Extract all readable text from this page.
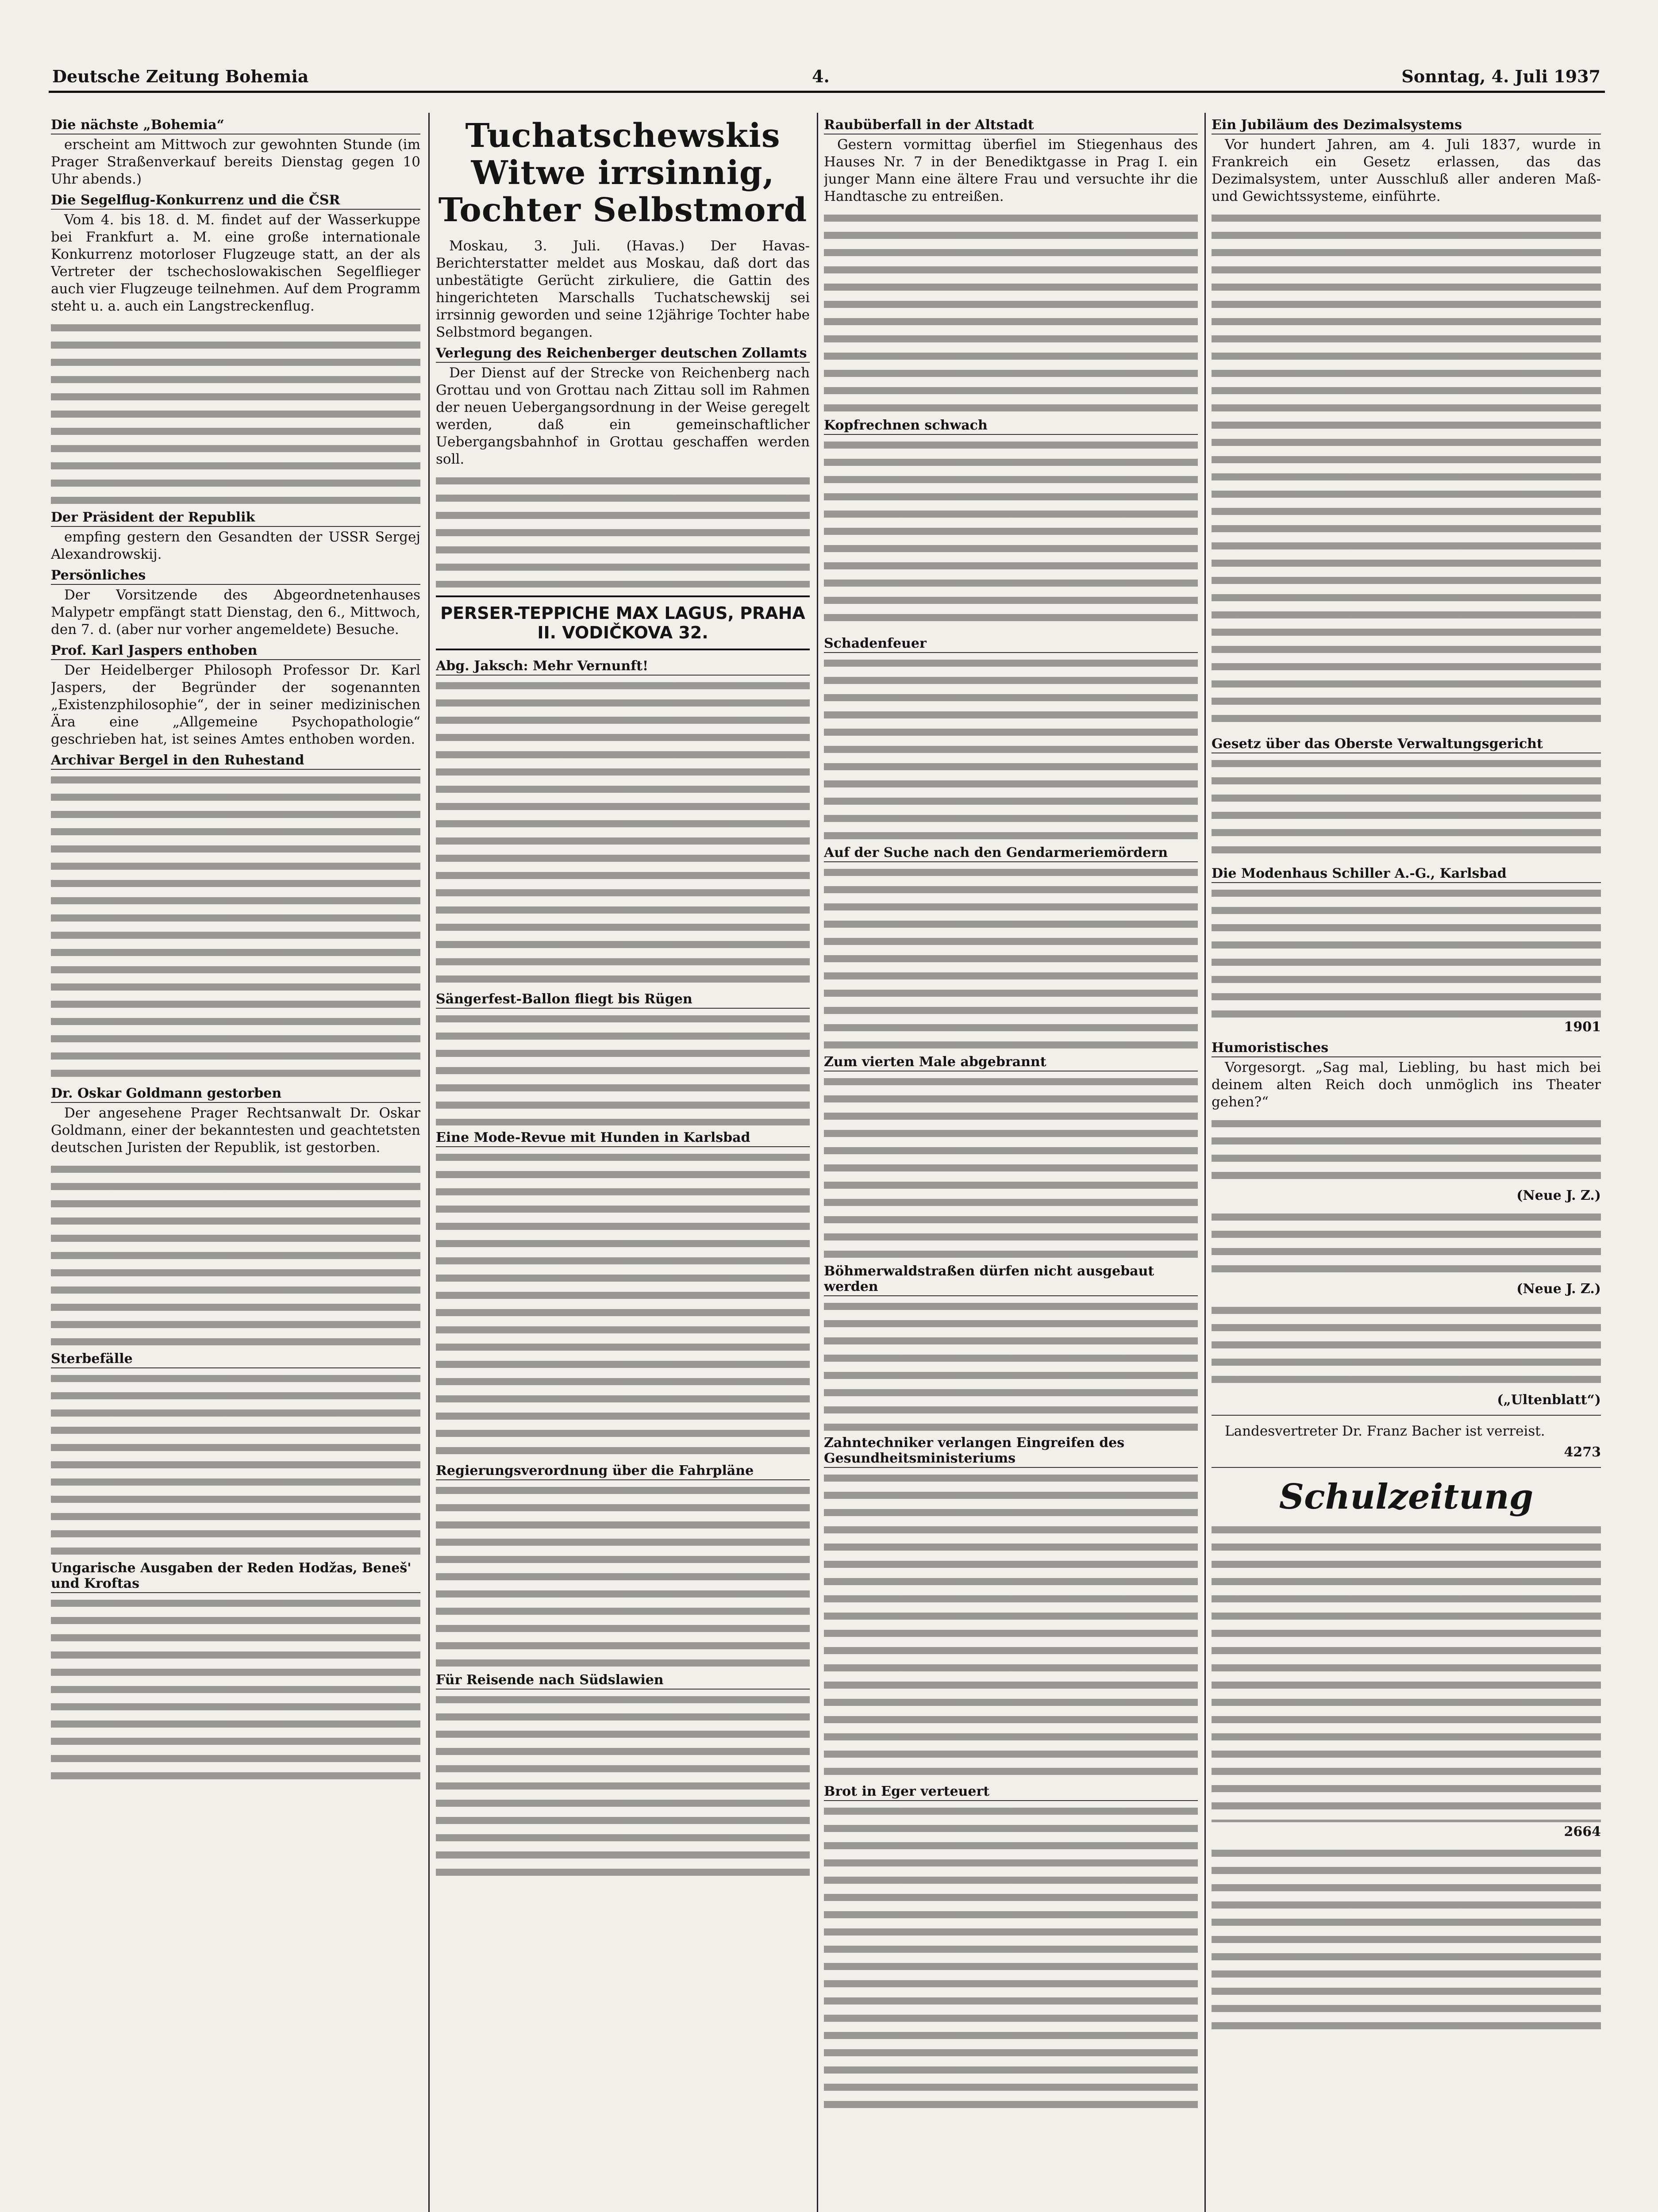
Deutsche Zeitung Bohemia	4.	Sonntag, 4. Juli 1937
Die nächste „Bohemia“

erscheint am Mittwoch zur gewohnten Stunde (im Prager Straßenverkauf bereits Dienstag gegen 10 Uhr abends.)

Die Segelflug-Konkurrenz und die ČSR

Vom 4. bis 18. d. M. findet auf der Wasserkuppe bei Frankfurt a. M. eine große internationale Konkurrenz motorloser Flugzeuge statt, an der als Vertreter der tschechoslowakischen Segelflieger auch vier Flugzeuge teilnehmen. Auf dem Programm steht u. a. auch ein Langstreckenflug.

Der Präsident der Republik

empfing gestern den Gesandten der USSR Sergej Alexandrowskij.

Persönliches

Der Vorsitzende des Abgeordnetenhauses Malypetr empfängt statt Dienstag, den 6., Mittwoch, den 7. d. (aber nur vorher angemeldete) Besuche.

Prof. Karl Jaspers enthoben

Der Heidelberger Philosoph Professor Dr. Karl Jaspers, der Begründer der sogenannten „Existenzphilosophie“, der in seiner medizinischen Ära eine „Allgemeine Psychopathologie“ geschrieben hat, ist seines Amtes enthoben worden.

Archivar Bergel in den Ruhestand
Dr. Oskar Goldmann gestorben

Der angesehene Prager Rechtsanwalt Dr. Oskar Goldmann, einer der bekanntesten und geachtetsten deutschen Juristen der Republik, ist gestorben.

Sterbefälle
Ungarische Ausgaben der Reden Hodžas, Beneš' und Kroftas
Tuchatschewskis Witwe irrsinnig, Tochter Selbstmord

Moskau, 3. Juli. (Havas.) Der Havas-Berichterstatter meldet aus Moskau, daß dort das unbestätigte Gerücht zirkuliere, die Gattin des hingerichteten Marschalls Tuchatschewskij sei irrsinnig geworden und seine 12jährige Tochter habe Selbstmord begangen.

Verlegung des Reichenberger deutschen Zollamts

Der Dienst auf der Strecke von Reichenberg nach Grottau und von Grottau nach Zittau soll im Rahmen der neuen Uebergangsordnung in der Weise geregelt werden, daß ein gemeinschaftlicher Uebergangsbahnhof in Grottau geschaffen werden soll.

PERSER-TEPPICHE MAX LAGUS, PRAHA II. VODIČKOVA 32.
Abg. Jaksch: Mehr Vernunft!
Sängerfest-Ballon fliegt bis Rügen
Eine Mode-Revue mit Hunden in Karlsbad
Regierungsverordnung über die Fahrpläne
Für Reisende nach Südslawien
Raubüberfall in der Altstadt

Gestern vormittag überfiel im Stiegenhaus des Hauses Nr. 7 in der Benediktgasse in Prag I. ein junger Mann eine ältere Frau und versuchte ihr die Handtasche zu entreißen.

Kopfrechnen schwach
Schadenfeuer
Auf der Suche nach den Gendarmeriemördern
Zum vierten Male abgebrannt
Böhmerwaldstraßen dürfen nicht ausgebaut werden
Zahntechniker verlangen Eingreifen des Gesundheitsministeriums
Brot in Eger verteuert
Ein Jubiläum des Dezimalsystems

Vor hundert Jahren, am 4. Juli 1837, wurde in Frankreich ein Gesetz erlassen, das das Dezimalsystem, unter Ausschluß aller anderen Maß- und Gewichtssysteme, einführte.

Gesetz über das Oberste Verwaltungsgericht
Die Modenhaus Schiller A.-G., Karlsbad
1901
Humoristisches

Vorgesorgt. „Sag mal, Liebling, bu hast mich bei deinem alten Reich doch unmöglich ins Theater gehen?“

(Neue J. Z.)
(Neue J. Z.)
(„Ultenblatt“)

Landesvertreter Dr. Franz Bacher ist verreist.

4273
Schulzeitung
2664
